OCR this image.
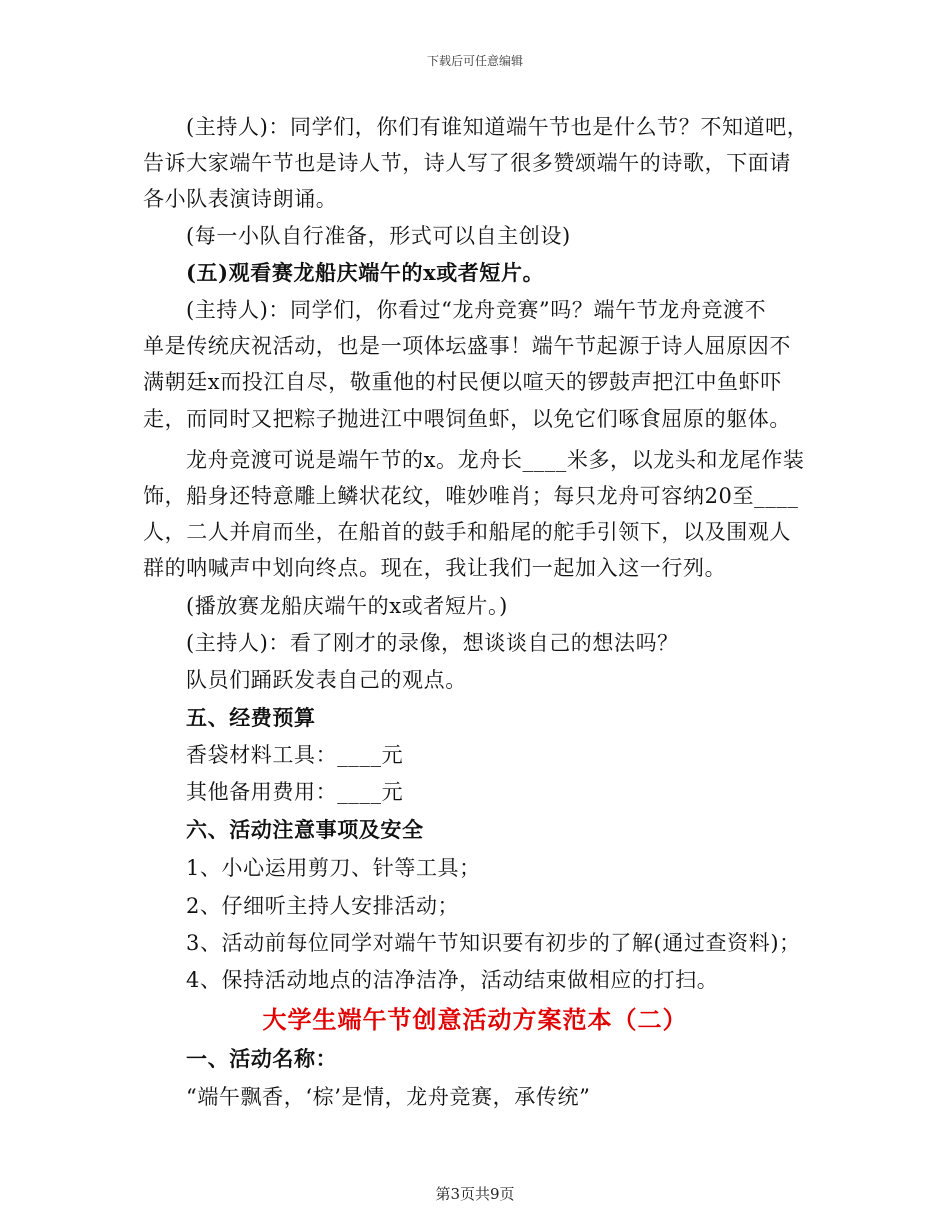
下载后可任意编辑
(主持人)：同学们，你们有谁知道端午节也是什么节？不知道吧，
告诉大家端午节也是诗人节，诗人写了很多赞颂端午的诗歌，下面请
各小队表演诗朗诵。
(每一小队自行准备，形式可以自主创设)
(五)观看赛龙船庆端午的x或者短片。
(主持人)：同学们，你看过“龙舟竞赛”吗？端午节龙舟竞渡不
单是传统庆祝活动，也是一项体坛盛事！端午节起源于诗人屈原因不
满朝廷x而投江自尽，敬重他的村民便以喧天的锣鼓声把江中鱼虾吓
走，而同时又把粽子抛进江中喂饲鱼虾，以免它们啄食屈原的躯体。
龙舟竞渡可说是端午节的x。龙舟长____米多，以龙头和龙尾作装
饰，船身还特意雕上鳞状花纹，唯妙唯肖；每只龙舟可容纳20至____
人，二人并肩而坐，在船首的鼓手和船尾的舵手引领下，以及围观人
群的呐喊声中划向终点。现在，我让我们一起加入这一行列。
(播放赛龙船庆端午的x或者短片。)
(主持人)：看了刚才的录像，想谈谈自己的想法吗？
队员们踊跃发表自己的观点。
五、经费预算
香袋材料工具：____元
其他备用费用：____元
六、活动注意事项及安全
1、小心运用剪刀、针等工具；
2、仔细听主持人安排活动；
3、活动前每位同学对端午节知识要有初步的了解(通过查资料)；
4、保持活动地点的洁净洁净，活动结束做相应的打扫。
大学生端午节创意活动方案范本（二）
一、活动名称：
“端午飘香，‘棕’是情，龙舟竞赛，承传统”
第3页共9页
